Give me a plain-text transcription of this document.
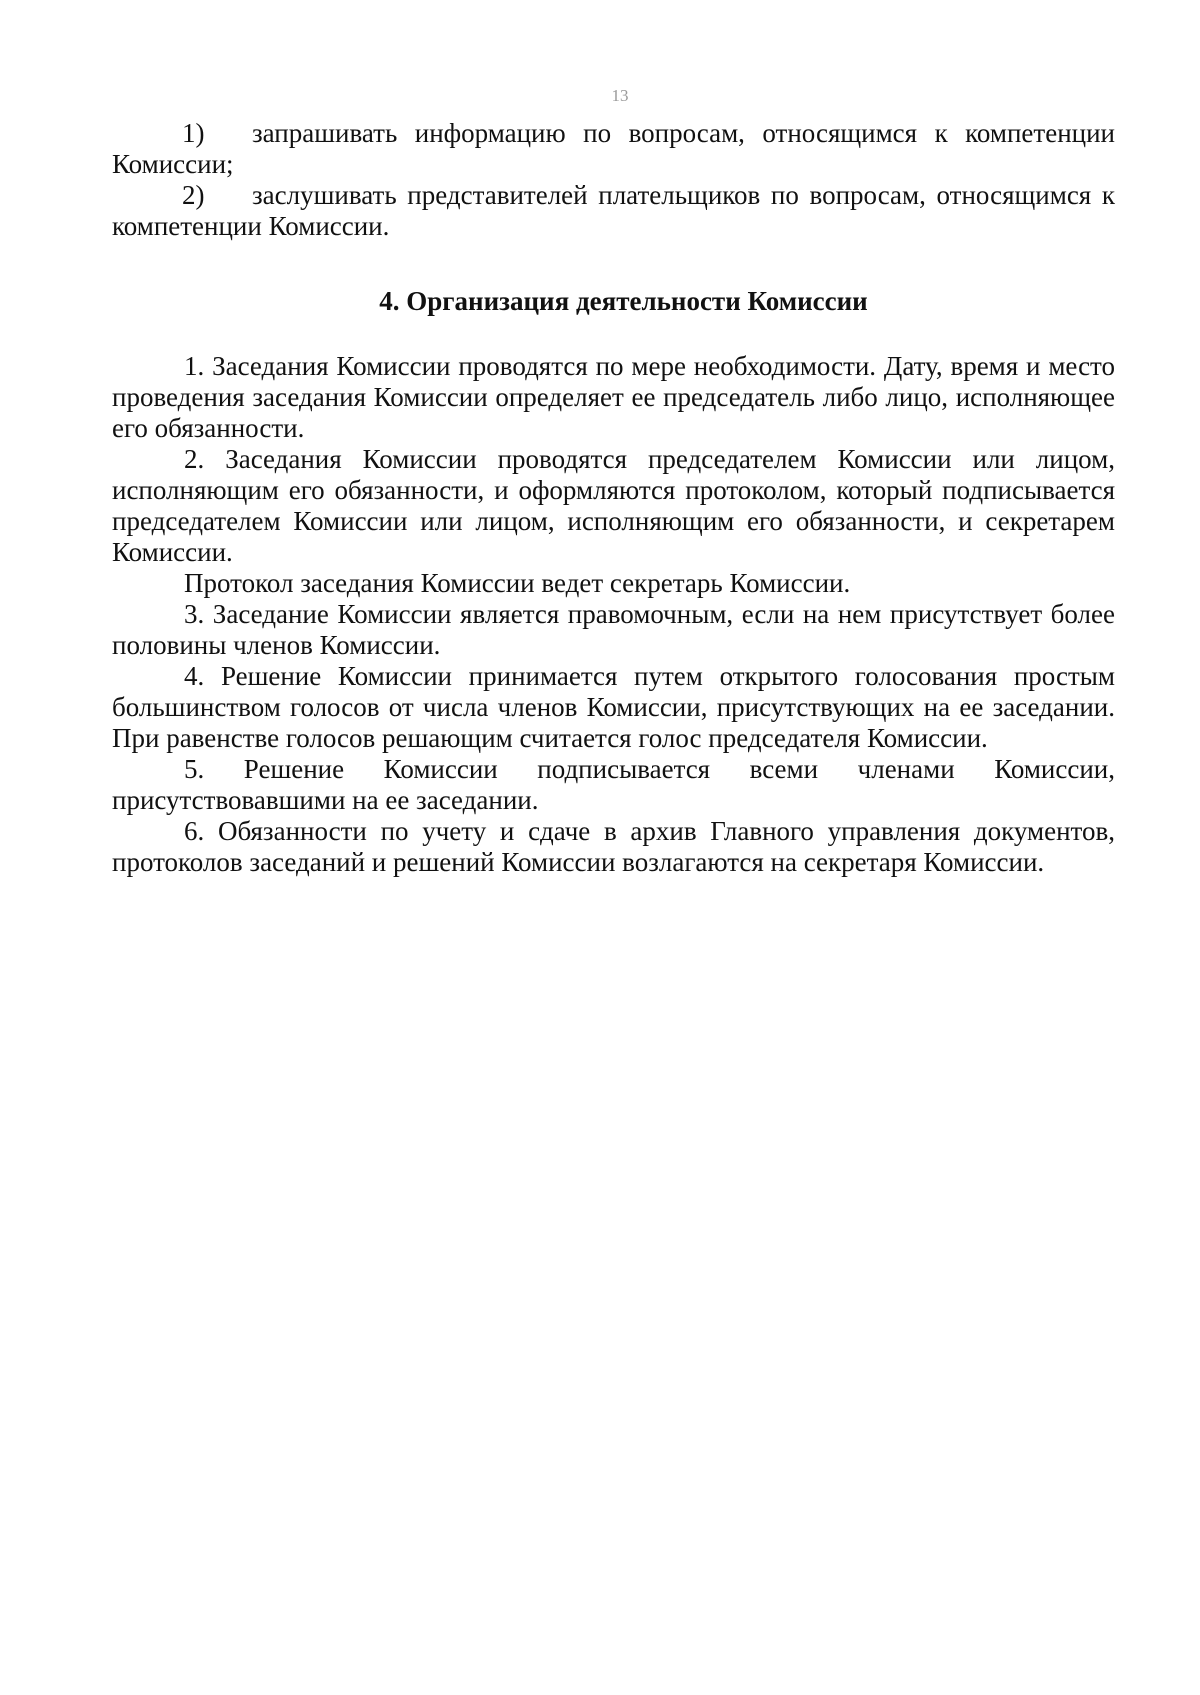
13

1) запрашивать информацию по вопросам, относящимся к компетенции Комиссии;

2) заслушивать представителей плательщиков по вопросам, относящимся к компетенции Комиссии.

4. Организация деятельности Комиссии

1. Заседания Комиссии проводятся по мере необходимости. Дату, время и место проведения заседания Комиссии определяет ее председатель либо лицо, исполняющее его обязанности.

2. Заседания Комиссии проводятся председателем Комиссии или лицом, исполняющим его обязанности, и оформляются протоколом, который подписывается председателем Комиссии или лицом, исполняющим его обязанности, и секретарем Комиссии.

Протокол заседания Комиссии ведет секретарь Комиссии.

3. Заседание Комиссии является правомочным, если на нем присутствует более половины членов Комиссии.

4. Решение Комиссии принимается путем открытого голосования простым большинством голосов от числа членов Комиссии, присутствующих на ее заседании. При равенстве голосов решающим считается голос председателя Комиссии.

5. Решение Комиссии подписывается всеми членами Комиссии, присутствовавшими на ее заседании.

6. Обязанности по учету и сдаче в архив Главного управления документов, протоколов заседаний и решений Комиссии возлагаются на секретаря Комиссии.
